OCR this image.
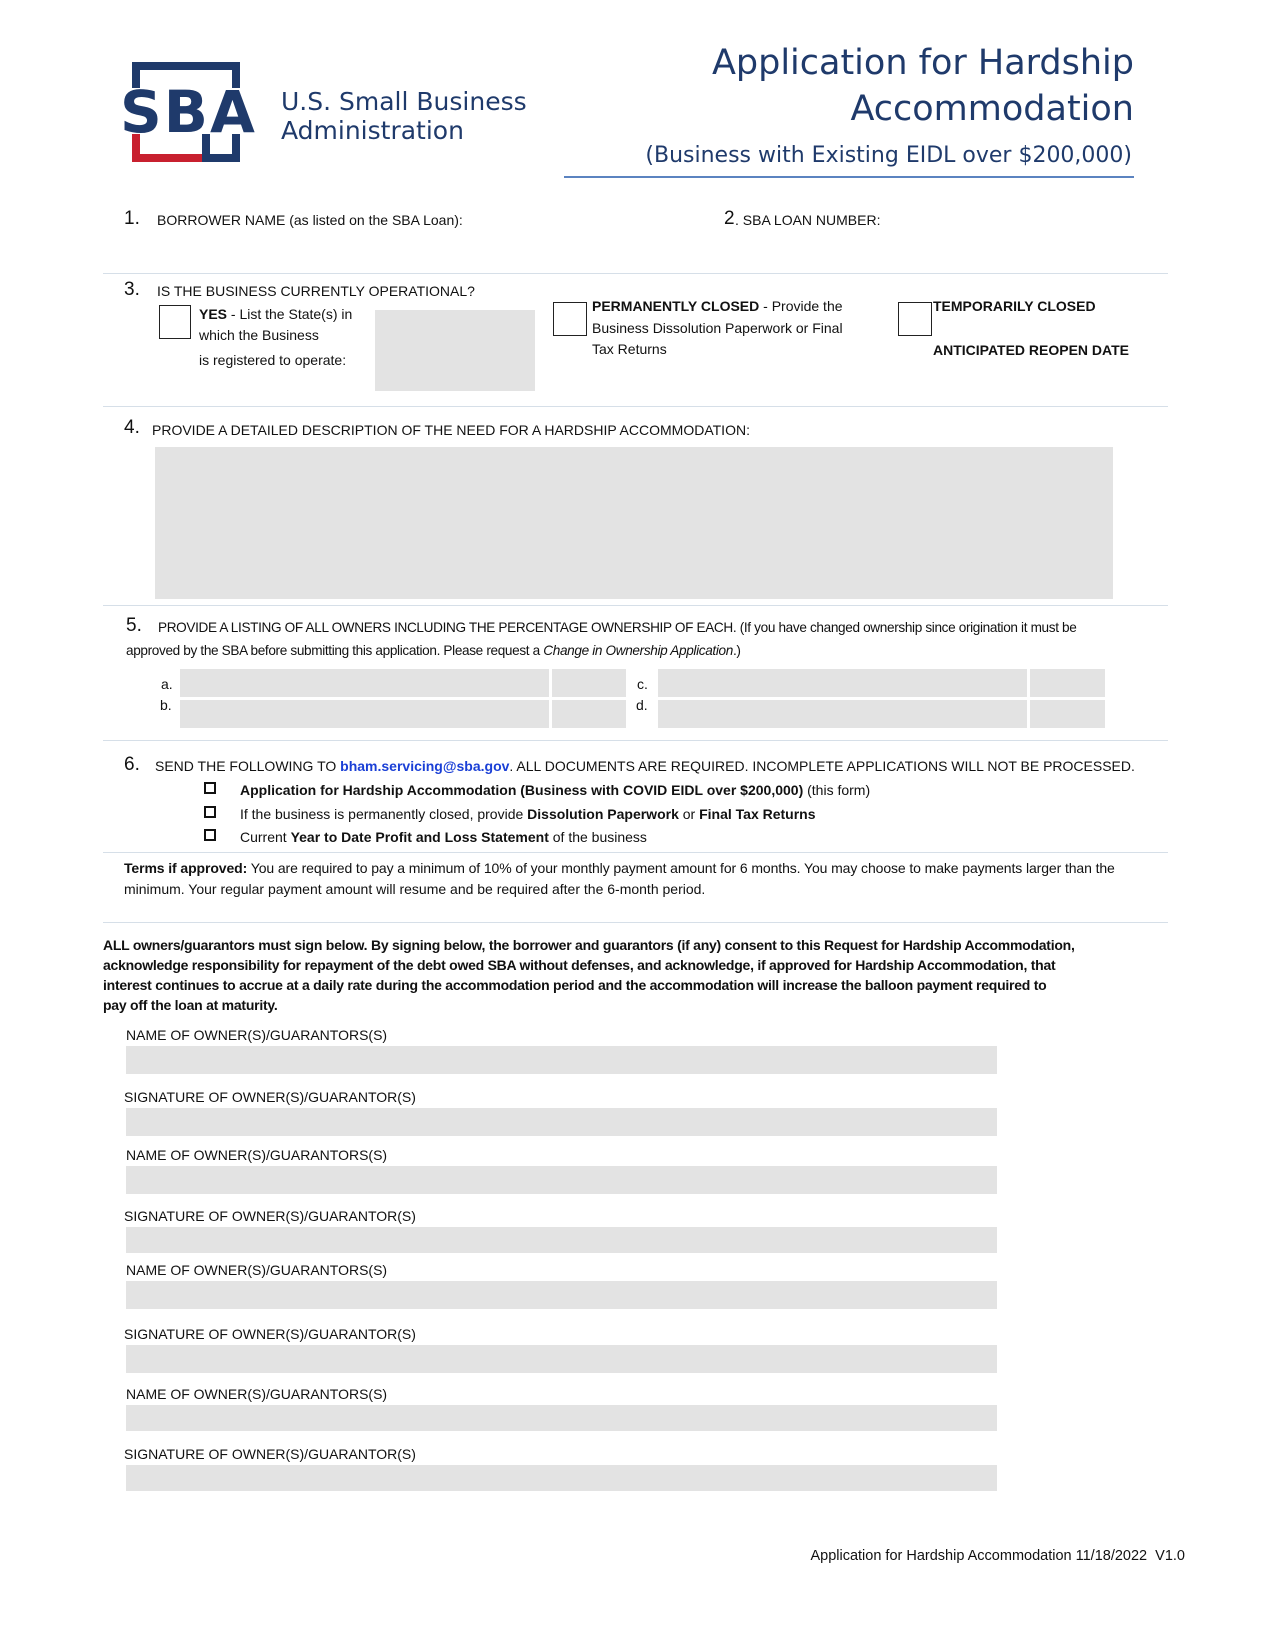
SBA U.S. Small Business
Administration
Application for Hardship
Accommodation
(Business with Existing EIDL over $200,000)
1. BORROWER NAME (as listed on the SBA Loan):	2 . SBA LOAN NUMBER:
3. IS THE BUSINESS CURRENTLY OPERATIONAL?
YES - List the State(s) in
which the Business
is registered to operate:
PERMANENTLY CLOSED - Provide the
Business Dissolution Paperwork or Final
Tax Returns
TEMPORARILY CLOSED
ANTICIPATED REOPEN DATE
4. PROVIDE A DETAILED DESCRIPTION OF THE NEED FOR A HARDSHIP ACCOMMODATION:
5. PROVIDE A LISTING OF ALL OWNERS INCLUDING THE PERCENTAGE OWNERSHIP OF EACH. (If you have changed ownership since origination it must be
approved by the SBA before submitting this application. Please request a Change in Ownership Application.)
a.
b.
c.
d.
6. SEND THE FOLLOWING TO bham.servicing@sba.gov. ALL DOCUMENTS ARE REQUIRED. INCOMPLETE APPLICATIONS WILL NOT BE PROCESSED.
Application for Hardship Accommodation (Business with COVID EIDL over $200,000) (this form)
If the business is permanently closed, provide Dissolution Paperwork or Final Tax Returns
Current Year to Date Profit and Loss Statement of the business
Terms if approved: You are required to pay a minimum of 10% of your monthly payment amount for 6 months. You may choose to make payments larger than the
minimum. Your regular payment amount will resume and be required after the 6-month period.
ALL owners/guarantors must sign below. By signing below, the borrower and guarantors (if any) consent to this Request for Hardship Accommodation,
acknowledge responsibility for repayment of the debt owed SBA without defenses, and acknowledge, if approved for Hardship Accommodation, that
interest continues to accrue at a daily rate during the accommodation period and the accommodation will increase the balloon payment required to
pay off the loan at maturity.
NAME OF OWNER(S)/GUARANTORS(S)
SIGNATURE OF OWNER(S)/GUARANTOR(S)
NAME OF OWNER(S)/GUARANTORS(S)
SIGNATURE OF OWNER(S)/GUARANTOR(S)
NAME OF OWNER(S)/GUARANTORS(S)
SIGNATURE OF OWNER(S)/GUARANTOR(S)
NAME OF OWNER(S)/GUARANTORS(S)
SIGNATURE OF OWNER(S)/GUARANTOR(S)
Application for Hardship Accommodation 11/18/2022  V1.0
